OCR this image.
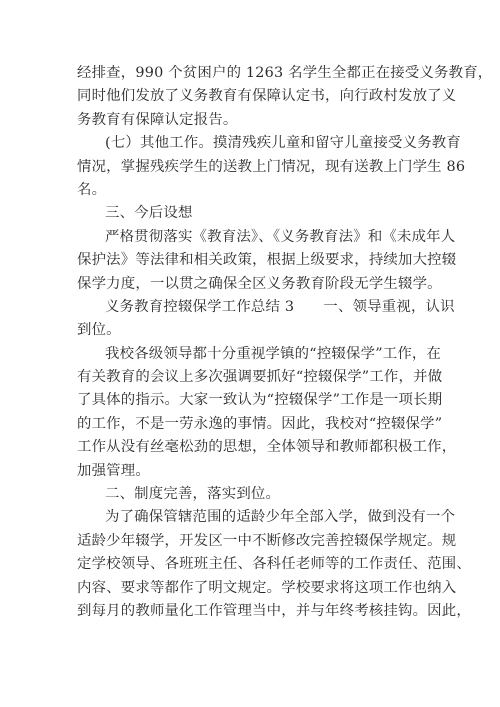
经排查，990 个贫困户的 1263 名学生全都正在接受义务教育，
同时他们发放了义务教育有保障认定书，向行政村发放了义
务教育有保障认定报告。
(七）其他工作。摸清残疾儿童和留守儿童接受义务教育
情况，掌握残疾学生的送教上门情况，现有送教上门学生 86
名。
三、今后设想
严格贯彻落实《教育法》、《义务教育法》和《未成年人
保护法》等法律和相关政策，根据上级要求，持续加大控辍
保学力度，一以贯之确保全区义务教育阶段无学生辍学。
义务教育控辍保学工作总结 3　　一、领导重视，认识
到位。
我校各级领导都十分重视学镇的“控辍保学”工作，在
有关教育的会议上多次强调要抓好“控辍保学”工作，并做
了具体的指示。大家一致认为“控辍保学”工作是一项长期
的工作，不是一劳永逸的事情。因此，我校对“控辍保学”
工作从没有丝毫松劲的思想，全体领导和教师都积极工作，
加强管理。
二、制度完善，落实到位。
为了确保管辖范围的适龄少年全部入学，做到没有一个
适龄少年辍学，开发区一中不断修改完善控辍保学规定。规
定学校领导、各班班主任、各科任老师等的工作责任、范围、
内容、要求等都作了明文规定。学校要求将这项工作也纳入
到每月的教师量化工作管理当中，并与年终考核挂钩。因此，
